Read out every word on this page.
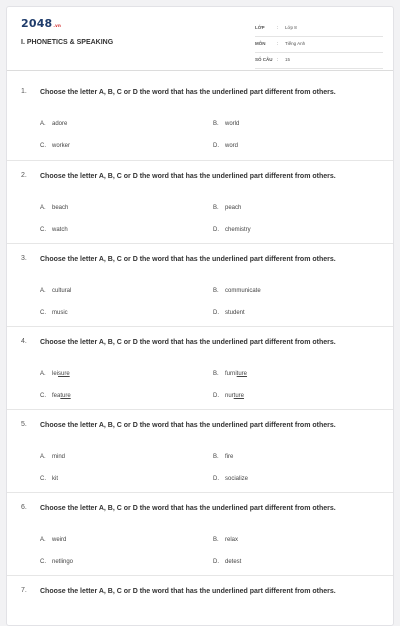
2048.vn
I. PHONETICS & SPEAKING
LỚP	: Lớp 8
MÔN	: Tiếng Anh
SỐ CÂU : 15
1. Choose the letter A, B, C or D the word that has the underlined part different from others.
A. adore	B. world
C. worker	D. word
2. Choose the letter A, B, C or D the word that has the underlined part different from others.
A. beach	B. peach
C. watch	D. chemistry
3. Choose the letter A, B, C or D the word that has the underlined part different from others.
A. cultural	B. communicate
C. music	D. student
4. Choose the letter A, B, C or D the word that has the underlined part different from others.
A. leisure	B. furniture
C. feature	D. nurture
5. Choose the letter A, B, C or D the word that has the underlined part different from others.
A. mind	B. fire
C. kit	D. socialize
6. Choose the letter A, B, C or D the word that has the underlined part different from others.
A. weird	B. relax
C. netlingo	D. detest
7. Choose the letter A, B, C or D the word that has the underlined part different from others.
